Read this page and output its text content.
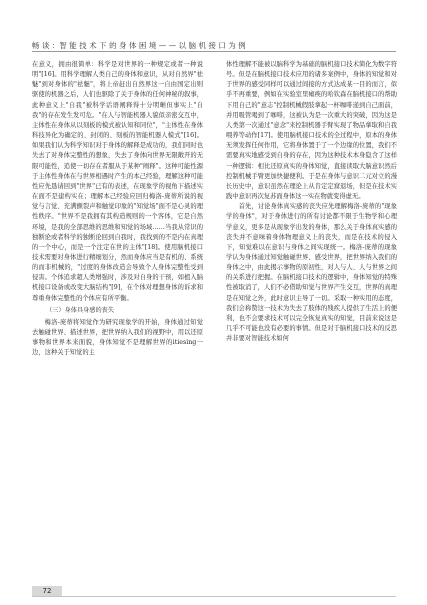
畅 谈 ：智 能 技 术 下 的 身 体 困 境 — — 以 脑 机 接 口 为 例

在意义，拥由很简单：科学是对世界的一种规定或者一种说明"[16]。用科学理解人类自己的身体和意识，从对自然界"祛魅"到对身体的"祛魅"，将上帝赶出自然界这一自由国定出则驱使的机器之后，人们也驱除了关于身体的任何神秘的叙事，此种意义上"自我"被科学话语阐释得十分明晰但事实上"自我"的存在发生发可危。"在人与智能机器人貌似亲密交互中，主体性在身体从以刻板的模式被认知和同位"，"主体性在身体科技异化为确定的、封闭的、刻板的智能机器人模式"[16]。如果我们认为科学知识对于身体的解释是成功的，我们同时也失去了对身体完整性的想象，失去了身体向世界无限敞开的无限可能性，追使一切存在者服从于某种"阐释"。这种可能性源于主体性身体在与世界相遇时产生的本己经验，理解这种可能性应先恳请回到"世界"已有的表述，在现象学的视角下描述实在面不是建构实在；理解本己经验应回归梅洛-庞蒂所说的视觉与言觉、充满颤裂声和触觉印象的"知觉场"面不是心灵的理性秩序。"世界不是我拥有其构造规则的一个客体，它是自然环境，是我的全部思维的思维和知觉的场域……当我从常识的独断论或者科学的独断论回到自我时，我找到的不是内在真理的一个中心，而是一个注定在世的主体"[18]。使用脑机接口技术需要对身体进行精细划分，然而身体应当是有机的、系统的而非机械的，"过度的身体改造会导致个人身体完整性受到侵害。个体追求超人类增强时，涉及对自身的干预，如植入脑机接口设备或改变大脑结构"[9]，在个体对理想身体的诉求和尊重身体完整性的个体应有所平衡。

（三）身体具身感的丧失

梅洛-庞蒂将知觉作为研究现象学的开始，身体通过知觉去触碰世界、描述世界，把世界纳入我们的视野中，用以还原事物和世界本来面貌，身体知觉不是理解世界的itiesing一边，这种关于知觉的主

体性理解不能被以脑科学为基础的脑机接口技术简化为数字符号。但是在脑机接口技术应用的诸多案例中，身体的知觉和对于世界的感受同样可以通过间接的方式达成某一目的而言，似乎不再重要，例如在实验室里瘫痪的哈钦森在脑机接口的帮助下用自己的"意志"控制机械假肢拿起一杯咖啡递到自己面前，并用吸管喝到了咖啡，这被认为是一次重大的突破，因为这是人类第一次通过"意念"来控制机器手臂实现了物品拿取和自我喂养等动作[17]。使用脑机接口技术的全过程中，原本的身体无须发挥任何作用，它将身体置于了一个边缘的位置，我们不需要真实地感受到自身的存在，因为这种技术本身隐含了这样一种逻辑：相比还原真实的身体知觉，直接读取大脑意识然后控制机械手臂更加快捷便利。于是在身体与意识二元对立的漫长历史中，意识虽然在理论上从肯定定窟退场，但是在技术实践中意识再次复苏面身体这一实在物就变得虚无。

首先，讨论身体真实感的丧失应先理解梅洛-庞蒂的"现象学的身体"，对于身体进行的所有讨论都不限于生物学和心理学意义，更多是从现象学出发的身体，那么关于身体真实感的丧失并不意味着身体物理意义上的丧失，而是在技术的侵入下，知觉难以在意识与身体之间实现统一。梅洛-庞蒂的现象学认为身体通过知觉触碰世界、感受世界，把世界纳入我们的身体之中，由此揭示事物的原初性，对人与人、人与世界之间的关系进行把握。在脑机接口技术的逻辑中，身体知觉的特殊性被取消了，人们不必借助知觉与世界产生交互，世界的真理是在知觉之外，此时意识主导了一切。采取一种实用的态度，我们会称赞这一技术为失去了肢体的残疾人提供了生活上的便利，也不会要求技术可以完全恢复真实的知觉，目前来说这是几乎不可能也没有必要的事情。但是对于脑机接口技术的反思并非要对智能技术如何

72
